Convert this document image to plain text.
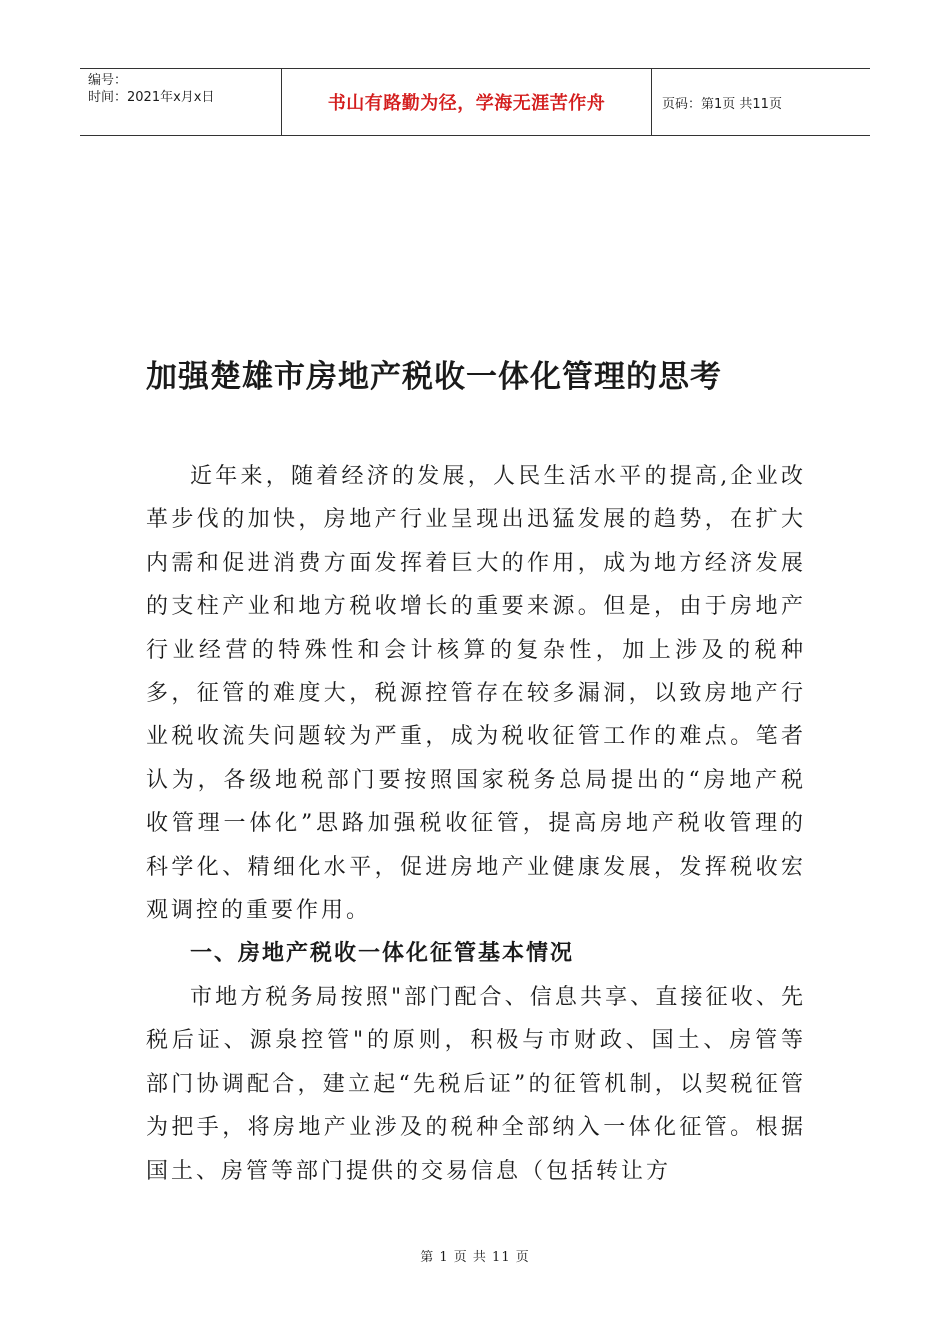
编号：
时间：2021年x月x日	书山有路勤为径，学海无涯苦作舟	页码：第1页 共11页
加强楚雄市房地产税收一体化管理的思考

近年来，随着经济的发展，人民生活水平的提高,企业改革步伐的加快，房地产行业呈现出迅猛发展的趋势，在扩大内需和促进消费方面发挥着巨大的作用，成为地方经济发展的支柱产业和地方税收增长的重要来源。但是，由于房地产行业经营的特殊性和会计核算的复杂性，加上涉及的税种多，征管的难度大，税源控管存在较多漏洞，以致房地产行业税收流失问题较为严重，成为税收征管工作的难点。笔者认为，各级地税部门要按照国家税务总局提出的“房地产税收管理一体化”思路加强税收征管，提高房地产税收管理的科学化、精细化水平，促进房地产业健康发展，发挥税收宏观调控的重要作用。

一、房地产税收一体化征管基本情况

市地方税务局按照"部门配合、信息共享、直接征收、先税后证、源泉控管"的原则，积极与市财政、国土、房管等部门协调配合，建立起“先税后证”的征管机制，以契税征管为把手，将房地产业涉及的税种全部纳入一体化征管。根据国土、房管等部门提供的交易信息（包括转让方

第 1 页 共 11 页
